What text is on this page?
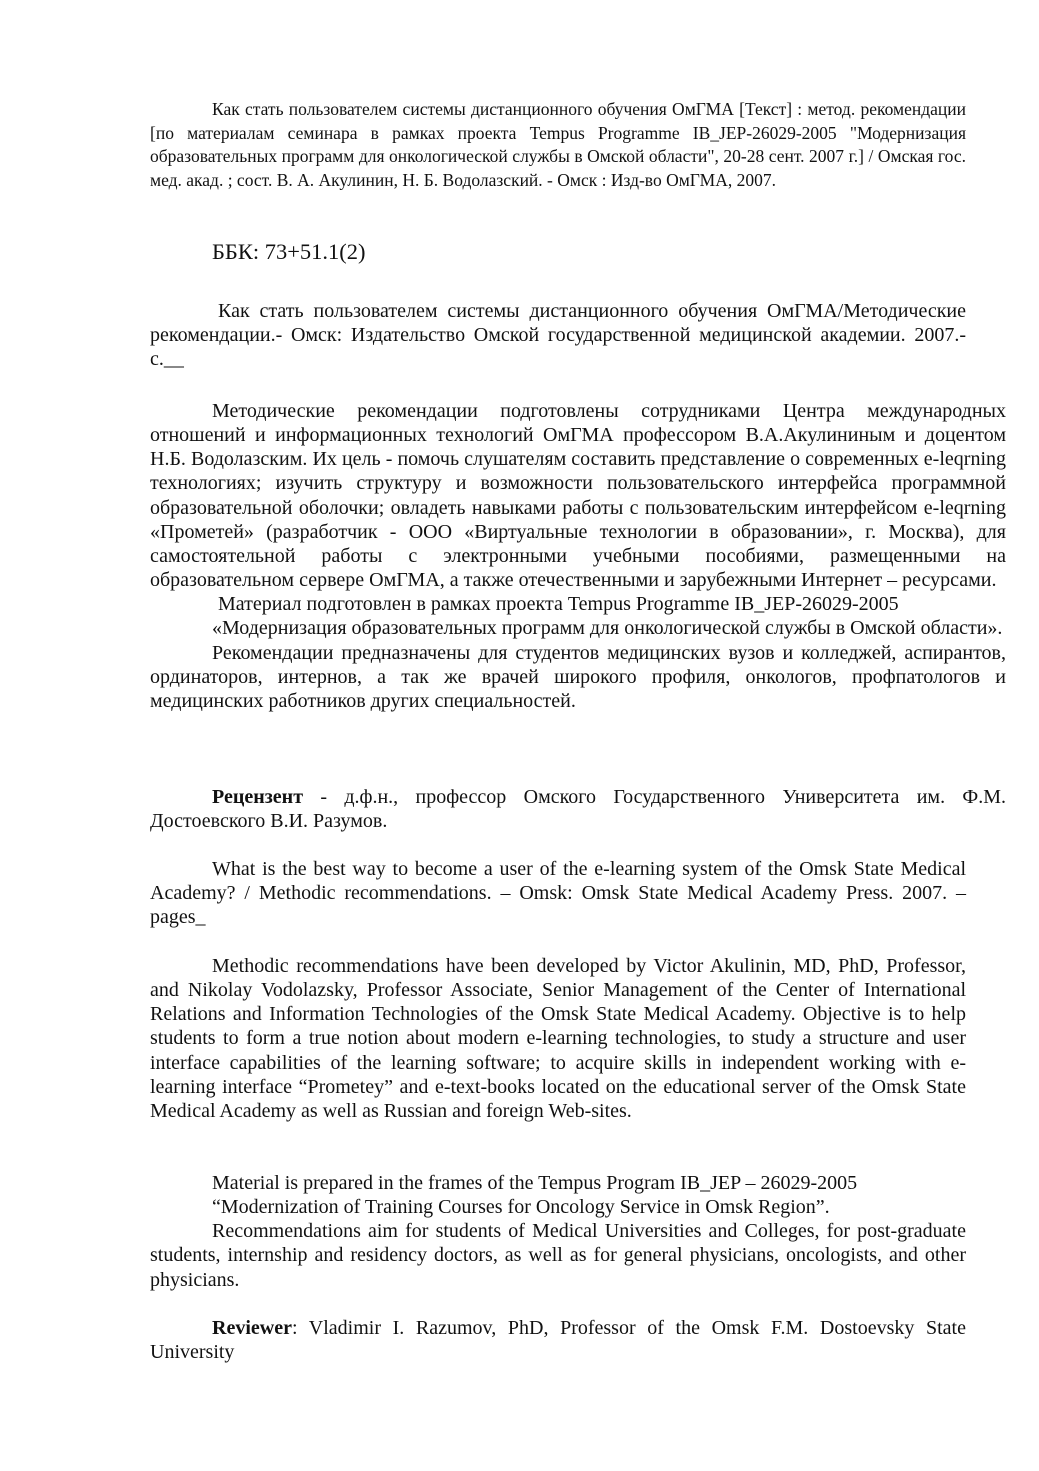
Как стать пользователем системы дистанционного обучения ОмГМА [Текст] : метод. рекомендации [по материалам семинара в рамках проекта Tempus Programme IB_JEP-26029-2005 "Модернизация образовательных программ для онкологической службы в Омской области", 20-28 сент. 2007 г.] / Омская гос. мед. акад. ; сост. В. А. Акулинин, Н. Б. Водолазский. - Омск : Изд-во ОмГМА, 2007.

ББК: 73+51.1(2)

Как стать пользователем системы дистанционного обучения ОмГМА/Методические рекомендации.- Омск: Издательство Омской государственной медицинской академии. 2007.- с.__

Методические рекомендации подготовлены сотрудниками Центра международных отношений и информационных технологий ОмГМА профессором В.А.Акулининым и доцентом Н.Б. Водолазским. Их цель - помочь слушателям составить представление о современных e-leqrning технологиях; изучить структуру и возможности пользовательского интерфейса программной образовательной оболочки; овладеть навыками работы с пользовательским интерфейсом e-leqrning «Прометей» (разработчик - ООО «Виртуальные технологии в образовании», г. Москва), для самостоятельной работы с электронными учебными пособиями, размещенными на образовательном сервере ОмГМА, а также отечественными и зарубежными Интернет – ресурсами.

Материал подготовлен в рамках проекта Tempus Programme IB_JEP-26029-2005

«Модернизация образовательных программ для онкологической службы в Омской области».

Рекомендации предназначены для студентов медицинских вузов и колледжей, аспирантов, ординаторов, интернов, а так же врачей широкого профиля, онкологов, профпатологов и медицинских работников других специальностей.

Рецензент - д.ф.н., профессор Омского Государственного Университета им. Ф.М. Достоевского В.И. Разумов.

What is the best way to become a user of the e-learning system of the Omsk State Medical Academy? / Methodic recommendations. – Omsk: Omsk State Medical Academy Press. 2007. – pages_

Methodic recommendations have been developed by Victor Akulinin, MD, PhD, Professor, and Nikolay Vodolazsky, Professor Associate, Senior Management of the Center of International Relations and Information Technologies of the Omsk State Medical Academy. Objective is to help students to form a true notion about modern e-learning technologies, to study a structure and user interface capabilities of the learning software; to acquire skills in independent working with e-learning interface “Prometey” and e-text-books located on the educational server of the Omsk State Medical Academy as well as Russian and foreign Web-sites.

Material is prepared in the frames of the Tempus Program IB_JEP – 26029-2005

“Modernization of Training Courses for Oncology Service in Omsk Region”.

Recommendations aim for students of Medical Universities and Colleges, for post-graduate students, internship and residency doctors, as well as for general physicians, oncologists, and other physicians.

Reviewer: Vladimir I. Razumov, PhD, Professor of the Omsk F.M. Dostoevsky State University
